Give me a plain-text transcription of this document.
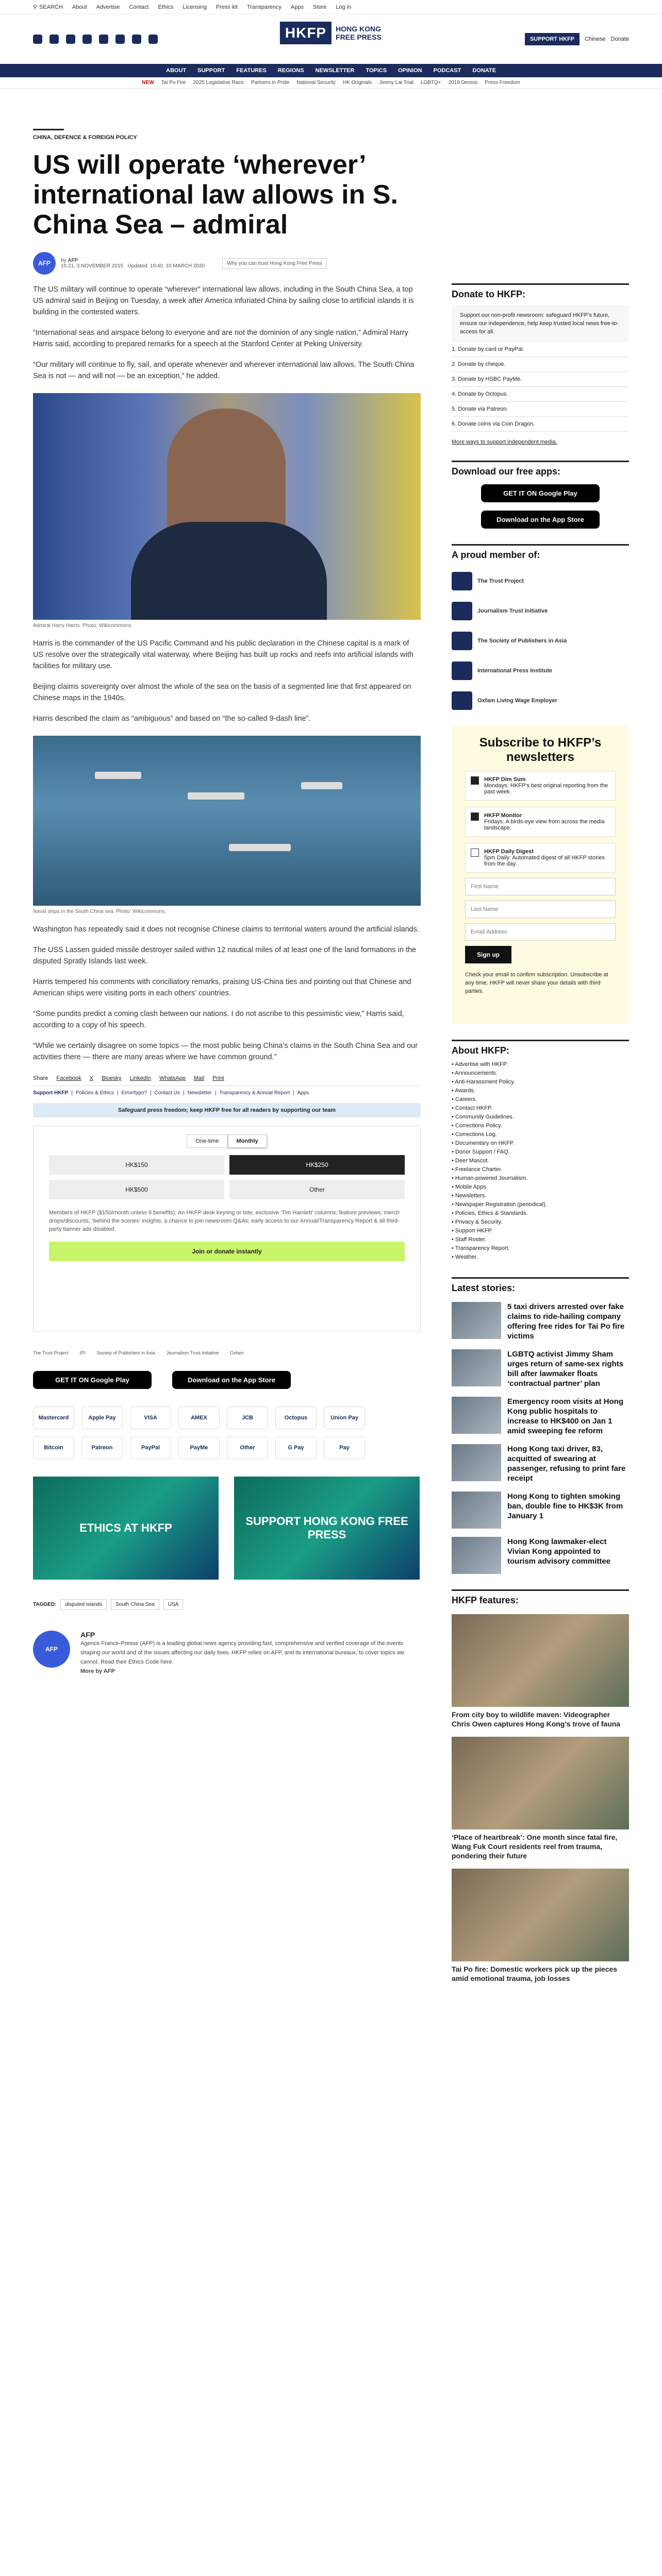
⚲ SEARCH About Advertise Contact Ethics Licensing Press kit Transparency Apps Store Log in
HKFP	HONG KONG FREE PRESS	SUPPORT HKFP	Chinese Donate
ABOUT SUPPORT FEATURES REGIONS NEWSLETTER TOPICS OPINION PODCAST DONATE
NEW Tai Po Fire 2025 Legislative Race Partners in Pride National Security HK Originals Jimmy Lai Trial LGBTQ+ 2019 Demos Press Freedom
CHINA, DEFENCE & FOREIGN POLICY
US will operate ‘wherever’ international law allows in S. China Sea – admiral
AFP	by AFP
15:21, 3 NOVEMBER 2015 Updated: 19:40, 10 MARCH 2020	Why you can trust Hong Kong Free Press

The US military will continue to operate “wherever” international law allows, including in the South China Sea, a top US admiral said in Beijing on Tuesday, a week after America infuriated China by sailing close to artificial islands it is building in the contested waters.

“International seas and airspace belong to everyone and are not the dominion of any single nation,” Admiral Harry Harris said, according to prepared remarks for a speech at the Stanford Center at Peking University.

“Our military will continue to fly, sail, and operate whenever and wherever international law allows. The South China Sea is not — and will not — be an exception,” he added.

Admiral Harry Harris. Photo: Wikicommons.

Harris is the commander of the US Pacific Command and his public declaration in the Chinese capital is a mark of US resolve over the strategically vital waterway, where Beijing has built up rocks and reefs into artificial islands with facilities for military use.

Beijing claims sovereignty over almost the whole of the sea on the basis of a segmented line that first appeared on Chinese maps in the 1940s.

Harris described the claim as “ambiguous” and based on “the so-called 9-dash line”.

Naval ships in the South China sea. Photo: Wikicommons.

Washington has repeatedly said it does not recognise Chinese claims to territorial waters around the artificial islands.

The USS Lassen guided missile destroyer sailed within 12 nautical miles of at least one of the land formations in the disputed Spratly Islands last week.

Harris tempered his comments with conciliatory remarks, praising US-China ties and pointing out that Chinese and American ships were visiting ports in each others’ countries.

“Some pundits predict a coming clash between our nations. I do not ascribe to this pessimistic view,” Harris said, according to a copy of his speech.

“While we certainly disagree on some topics — the most public being China’s claims in the South China Sea and our activities there — there are many areas where we have common ground.”

Share Facebook X Bluesky LinkedIn WhatsApp Mail Print
Support HKFP | Policies & Ethics | Error/typo? | Contact Us | Newsletter | Transparency & Annual Report | Apps
Safeguard press freedom; keep HKFP free for all readers by supporting our team
One-time	Monthly
HK$150	HK$250
HK$500	Other

Members of HKFP ($150/month unless 6 benefits): An HKFP desk keyring or tote; exclusive ‘Tim Hamlett’ columns; feature previews; merch drops/discounts; ‘behind the scenes’ insights; a chance to join newsroom Q&As; early access to our Annual/Transparency Report & all third-party banner ads disabled.

Join or donate instantly
The Trust Project IPI Society of Publishers in Asia Journalism Trust Initiative Oxfam
GET IT ON Google Play	Download on the App Store
Mastercard	Apple Pay	VISA	AMEX	JCB	Octopus	Union Pay
Bitcoin	Patreon	PayPal	PayMe	Other	G Pay	Pay
ETHICS AT HKFP
SUPPORT HONG KONG FREE PRESS
TAGGED:	disputed islands	South China Sea	USA
AFP
AFP

Agence France-Presse (AFP) is a leading global news agency providing fast, comprehensive and verified coverage of the events shaping our world and of the issues affecting our daily lives. HKFP relies on AFP, and its international bureaux, to cover topics we cannot. Read their Ethics Code here.

More by AFP

Donate to HKFP:
Support our non-profit newsroom: safeguard HKFP’s future, ensure our independence, help keep trusted local news free-to-access for all.
1. Donate by card or PayPal.
2. Donate by cheque.
3. Donate by HSBC PayMe.
4. Donate by Octopus.
5. Donate via Patreon.
6. Donate coins via Coin Dragon.
More ways to support independent media.
Download our free apps:
GET IT ON Google Play

Download on the App Store
A proud member of:
The Trust Project
Journalism Trust Initiative
The Society of Publishers in Asia
International Press Institute
Oxfam Living Wage Employer
Subscribe to HKFP’s newsletters
HKFP Dim Sum
Mondays: HKFP’s best original reporting from the past week.
HKFP Monitor
Fridays: A birds-eye view from across the media landscape.
HKFP Daily Digest
5pm Daily: Automated digest of all HKFP stories from the day.
First Name
Last Name
Email Address
Sign up

Check your email to confirm subscription. Unsubscribe at any time. HKFP will never share your details with third parties.

About HKFP:
• Advertise with HKFP.
• Announcements.
• Anti-Harassment Policy.
• Awards.
• Careers.
• Contact HKFP.
• Community Guidelines.
• Corrections Policy.
• Corrections Log.
• Documentary on HKFP.
• Donor Support / FAQ.
• Deer Mascot.
• Freelance Charter.
• Human-powered Journalism.
• Mobile Apps.
• Newsletters.
• Newspaper Registration (periodical).
• Policies, Ethics & Standards.
• Privacy & Security.
• Support HKFP.
• Staff Roster.
• Transparency Report.
• Weather.
Latest stories:
5 taxi drivers arrested over fake claims to ride-hailing company offering free rides for Tai Po fire victims
LGBTQ activist Jimmy Sham urges return of same-sex rights bill after lawmaker floats ‘contractual partner’ plan
Emergency room visits at Hong Kong public hospitals to increase to HK$400 on Jan 1 amid sweeping fee reform
Hong Kong taxi driver, 83, acquitted of swearing at passenger, refusing to print fare receipt
Hong Kong to tighten smoking ban, double fine to HK$3K from January 1
Hong Kong lawmaker-elect Vivian Kong appointed to tourism advisory committee
HKFP features:
From city boy to wildlife maven: Videographer Chris Owen captures Hong Kong’s trove of fauna
‘Place of heartbreak’: One month since fatal fire, Wang Fuk Court residents reel from trauma, pondering their future
Tai Po fire: Domestic workers pick up the pieces amid emotional trauma, job losses
